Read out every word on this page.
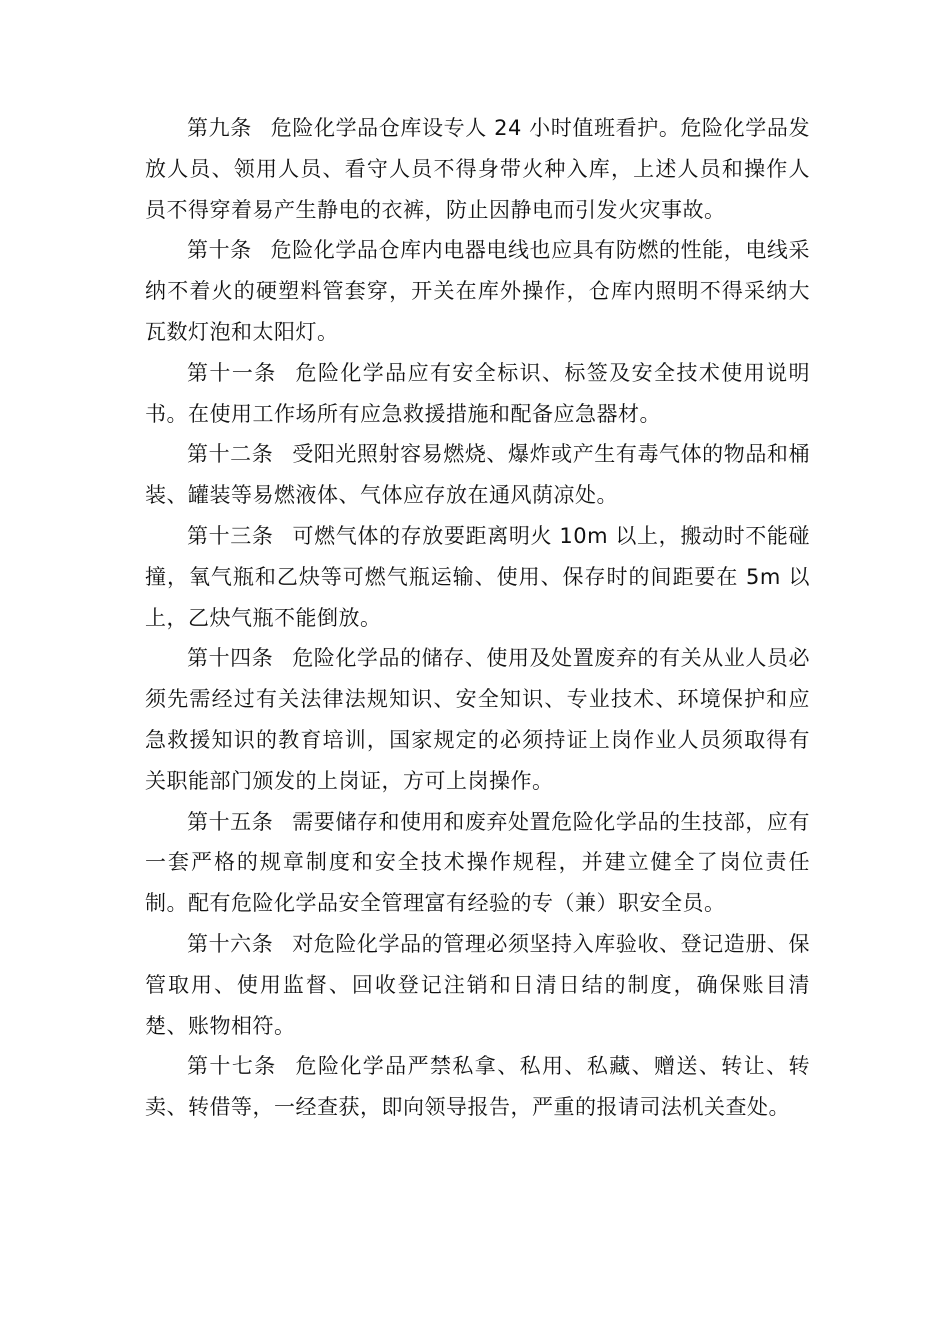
第九条 危险化学品仓库设专人 24 小时值班看护。危险化学品发放人员、领用人员、看守人员不得身带火种入库，上述人员和操作人员不得穿着易产生静电的衣裤，防止因静电而引发火灾事故。

第十条 危险化学品仓库内电器电线也应具有防燃的性能，电线采纳不着火的硬塑料管套穿，开关在库外操作，仓库内照明不得采纳大瓦数灯泡和太阳灯。

第十一条 危险化学品应有安全标识、标签及安全技术使用说明书。在使用工作场所有应急救援措施和配备应急器材。

第十二条 受阳光照射容易燃烧、爆炸或产生有毒气体的物品和桶装、罐装等易燃液体、气体应存放在通风荫凉处。

第十三条 可燃气体的存放要距离明火 10m 以上，搬动时不能碰撞，氧气瓶和乙炔等可燃气瓶运输、使用、保存时的间距要在 5m 以上，乙炔气瓶不能倒放。

第十四条 危险化学品的储存、使用及处置废弃的有关从业人员必须先需经过有关法律法规知识、安全知识、专业技术、环境保护和应急救援知识的教育培训，国家规定的必须持证上岗作业人员须取得有关职能部门颁发的上岗证，方可上岗操作。

第十五条 需要储存和使用和废弃处置危险化学品的生技部，应有一套严格的规章制度和安全技术操作规程，并建立健全了岗位责任制。配有危险化学品安全管理富有经验的专（兼）职安全员。

第十六条 对危险化学品的管理必须坚持入库验收、登记造册、保管取用、使用监督、回收登记注销和日清日结的制度，确保账目清楚、账物相符。

第十七条 危险化学品严禁私拿、私用、私藏、赠送、转让、转卖、转借等，一经查获，即向领导报告，严重的报请司法机关查处。
